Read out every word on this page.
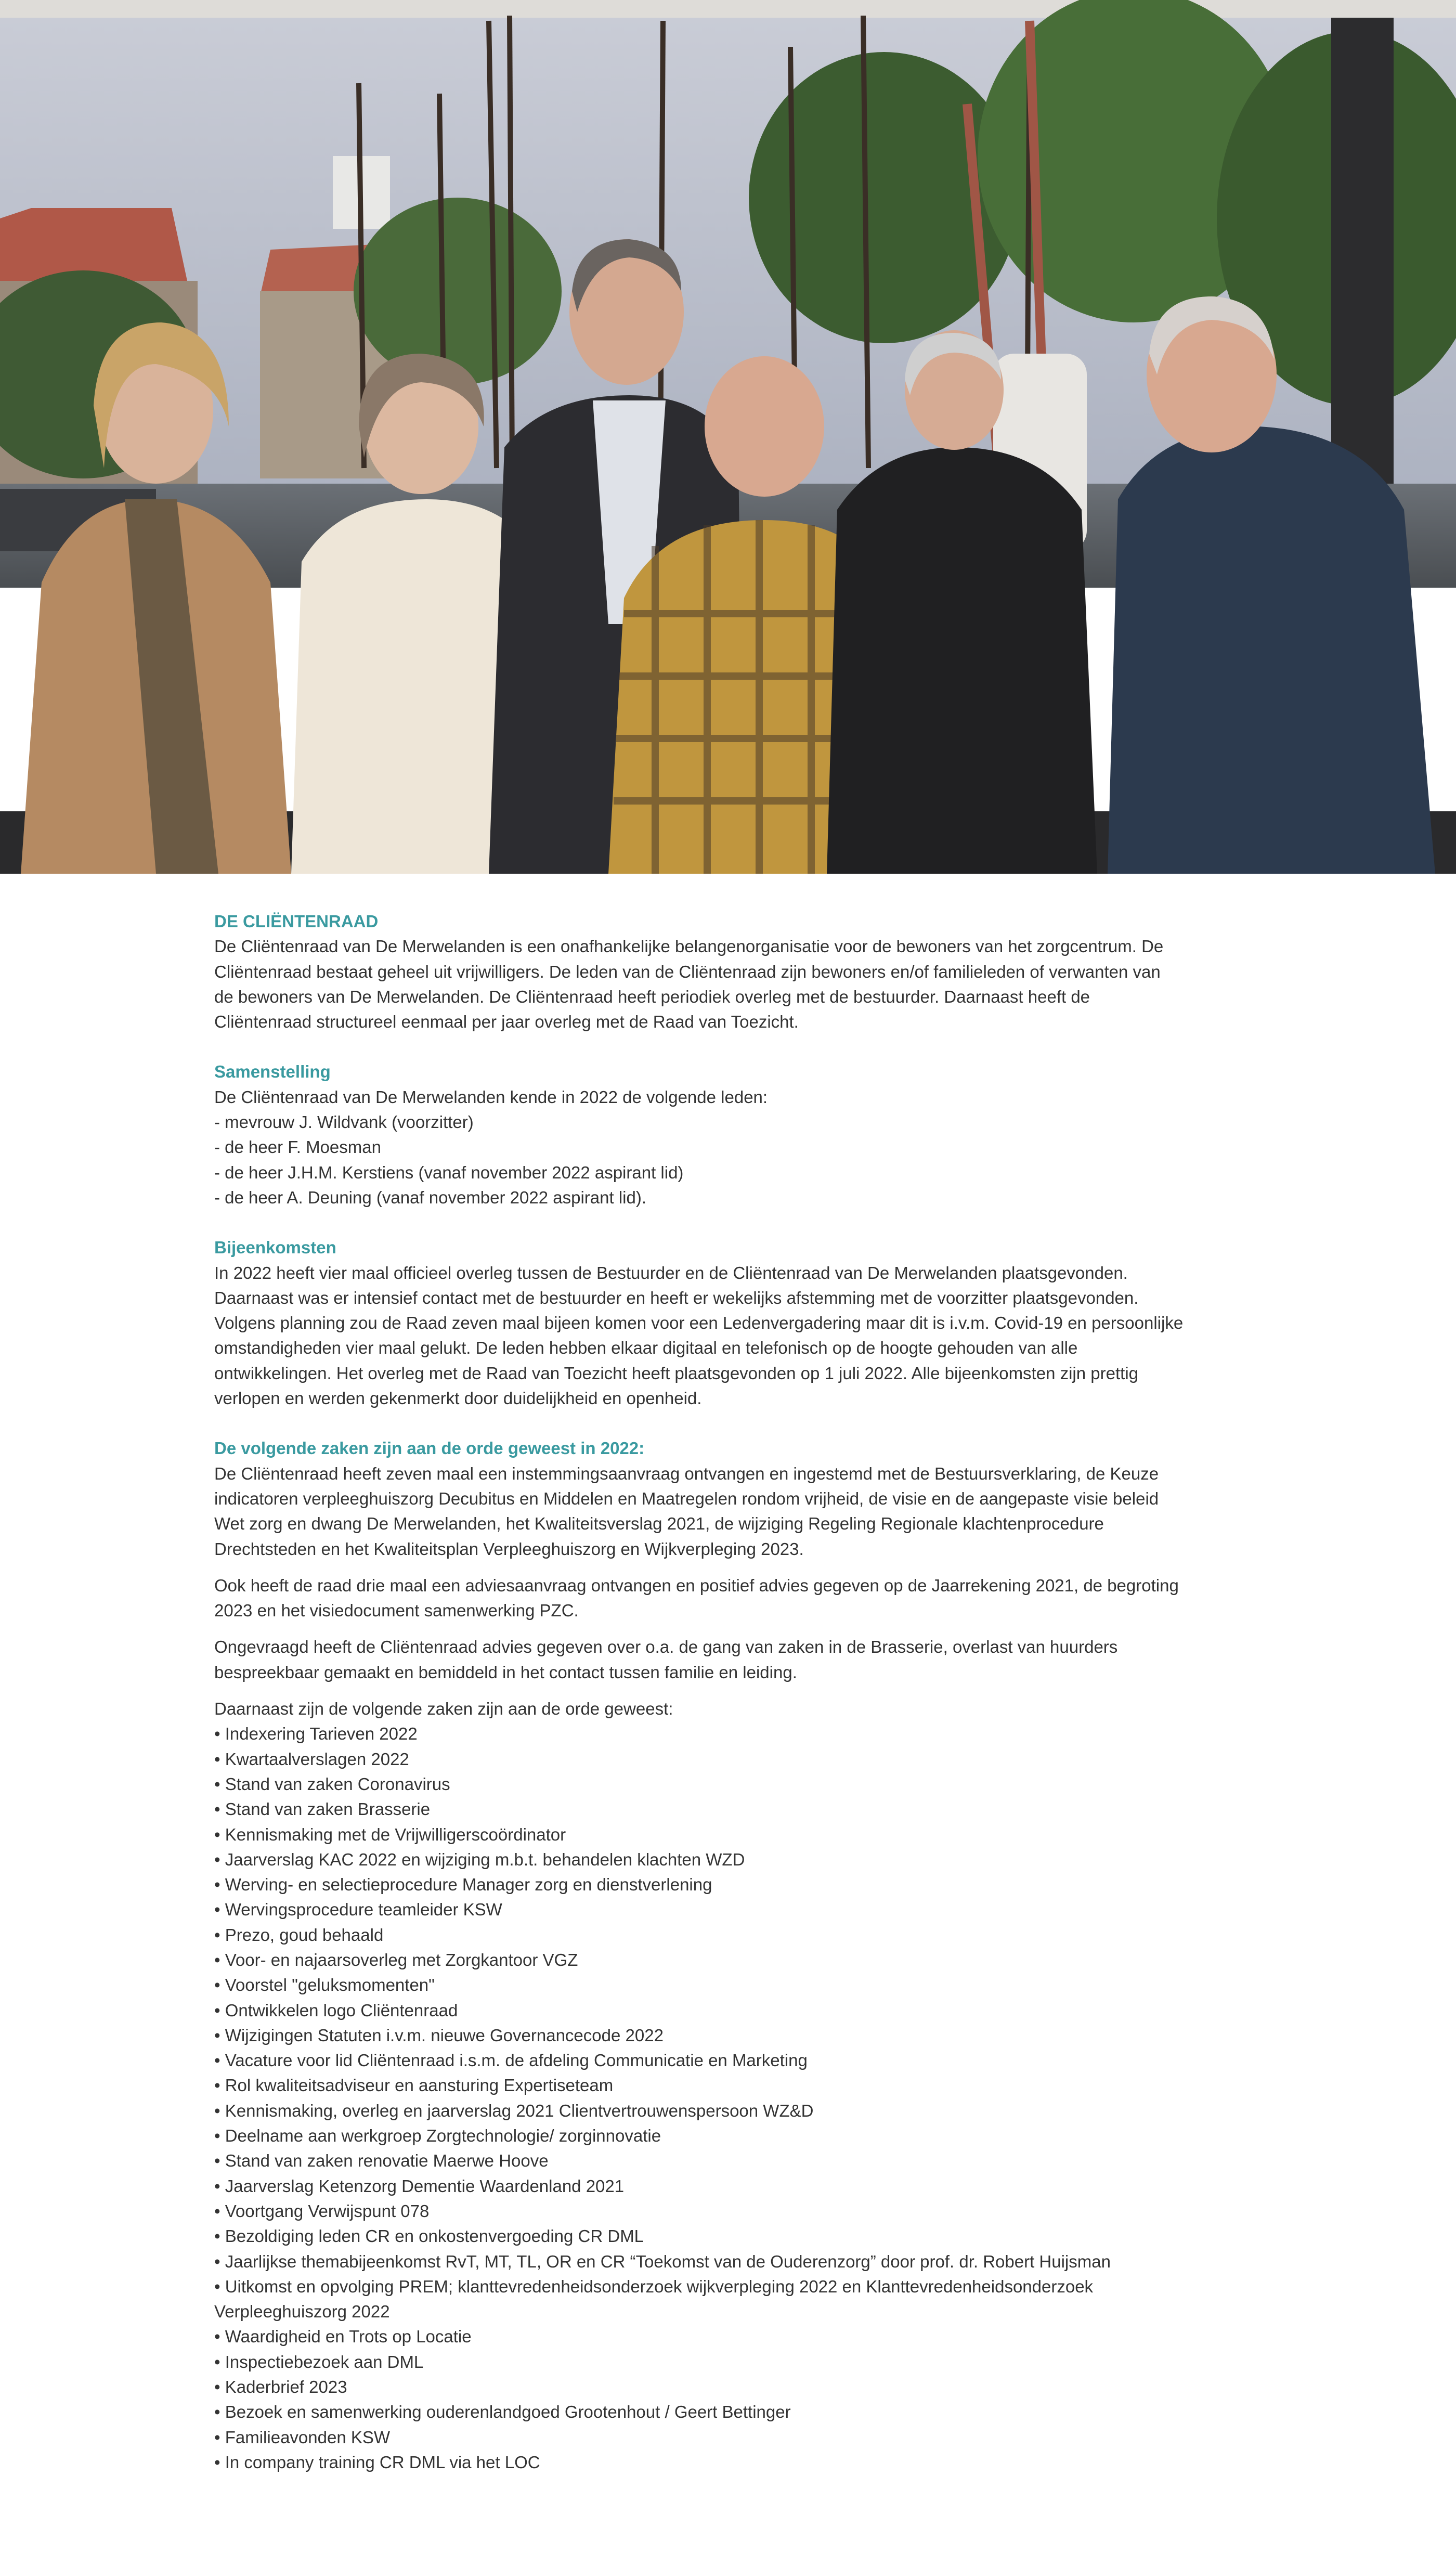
DE CLIËNTENRAAD
De Cliëntenraad van De Merwelanden is een onafhankelijke belangenorganisatie voor de bewoners van het zorgcentrum. De
Cliëntenraad bestaat geheel uit vrijwilligers. De leden van de Cliëntenraad zijn bewoners en/of familieleden of verwanten van
de bewoners van De Merwelanden. De Cliëntenraad heeft periodiek overleg met de bestuurder. Daarnaast heeft de
Cliëntenraad structureel eenmaal per jaar overleg met de Raad van Toezicht.
Samenstelling
De Cliëntenraad van De Merwelanden kende in 2022 de volgende leden:
- mevrouw J. Wildvank (voorzitter)
- de heer F. Moesman
- de heer J.H.M. Kerstiens (vanaf november 2022 aspirant lid)
- de heer A. Deuning (vanaf november 2022 aspirant lid).
Bijeenkomsten
In 2022 heeft vier maal officieel overleg tussen de Bestuurder en de Cliëntenraad van De Merwelanden plaatsgevonden.
Daarnaast was er intensief contact met de bestuurder en heeft er wekelijks afstemming met de voorzitter plaatsgevonden.
Volgens planning zou de Raad zeven maal bijeen komen voor een Ledenvergadering maar dit is i.v.m. Covid-19 en persoonlijke
omstandigheden vier maal gelukt. De leden hebben elkaar digitaal en telefonisch op de hoogte gehouden van alle
ontwikkelingen. Het overleg met de Raad van Toezicht heeft plaatsgevonden op 1 juli 2022. Alle bijeenkomsten zijn prettig
verlopen en werden gekenmerkt door duidelijkheid en openheid.
De volgende zaken zijn aan de orde geweest in 2022:
De Cliëntenraad heeft zeven maal een instemmingsaanvraag ontvangen en ingestemd met de Bestuursverklaring, de Keuze
indicatoren verpleeghuiszorg Decubitus en Middelen en Maatregelen rondom vrijheid, de visie en de aangepaste visie beleid
Wet zorg en dwang De Merwelanden, het Kwaliteitsverslag 2021, de wijziging Regeling Regionale klachtenprocedure
Drechtsteden en het Kwaliteitsplan Verpleeghuiszorg en Wijkverpleging 2023.
Ook heeft de raad drie maal een adviesaanvraag ontvangen en positief advies gegeven op de Jaarrekening 2021, de begroting
2023 en het visiedocument samenwerking PZC.
Ongevraagd heeft de Cliëntenraad advies gegeven over o.a. de gang van zaken in de Brasserie, overlast van huurders
bespreekbaar gemaakt en bemiddeld in het contact tussen familie en leiding.
Daarnaast zijn de volgende zaken zijn aan de orde geweest:
• Indexering Tarieven 2022
• Kwartaalverslagen 2022
• Stand van zaken Coronavirus
• Stand van zaken Brasserie
• Kennismaking met de Vrijwilligerscoördinator
• Jaarverslag KAC 2022 en wijziging m.b.t. behandelen klachten WZD
• Werving- en selectieprocedure Manager zorg en dienstverlening
• Wervingsprocedure teamleider KSW
• Prezo, goud behaald
• Voor- en najaarsoverleg met Zorgkantoor VGZ
• Voorstel "geluksmomenten"
• Ontwikkelen logo Cliëntenraad
• Wijzigingen Statuten i.v.m. nieuwe Governancecode 2022
• Vacature voor lid Cliëntenraad i.s.m. de afdeling Communicatie en Marketing
• Rol kwaliteitsadviseur en aansturing Expertiseteam
• Kennismaking, overleg en jaarverslag 2021 Clientvertrouwenspersoon WZ&D
• Deelname aan werkgroep Zorgtechnologie/ zorginnovatie
• Stand van zaken renovatie Maerwe Hoove
• Jaarverslag Ketenzorg Dementie Waardenland 2021
• Voortgang Verwijspunt 078
• Bezoldiging leden CR en onkostenvergoeding CR DML
• Jaarlijkse themabijeenkomst RvT, MT, TL, OR en CR “Toekomst van de Ouderenzorg” door prof. dr. Robert Huijsman
• Uitkomst en opvolging PREM; klanttevredenheidsonderzoek wijkverpleging 2022 en Klanttevredenheidsonderzoek
Verpleeghuiszorg 2022
• Waardigheid en Trots op Locatie
• Inspectiebezoek aan DML
• Kaderbrief 2023
• Bezoek en samenwerking ouderenlandgoed Grootenhout / Geert Bettinger
• Familieavonden KSW
• In company training CR DML via het LOC
